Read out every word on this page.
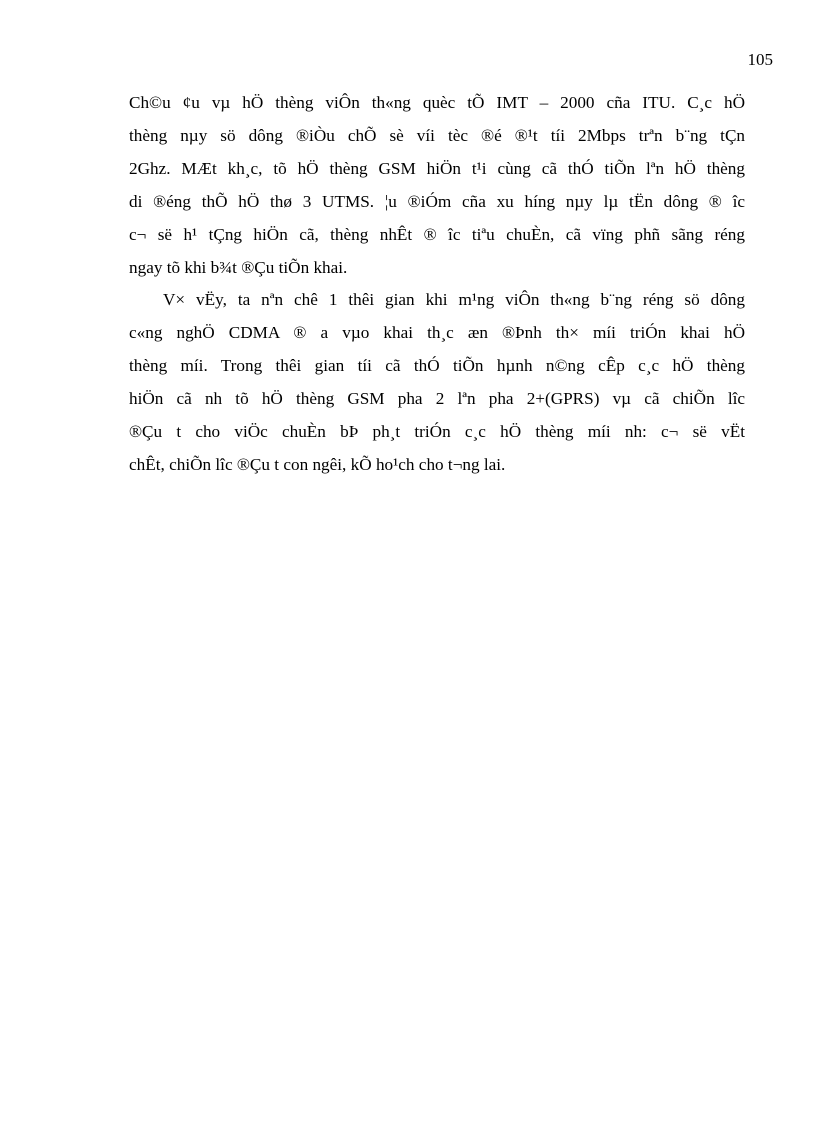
105

Ch©u ¢u vµ hÖ thèng viÔn th«ng quèc tÕ IMT – 2000 cña ITU. C¸c hÖ
thèng nµy sö dông ®iÒu chÕ sè víi tèc ®é ®¹t tíi 2Mbps trªn b¨ng tÇn
2Ghz. MÆt kh¸c, tõ hÖ thèng GSM hiÖn t¹i cùng cã thÓ tiÕn lªn hÖ thèng
di ®éng thÕ hÖ thø 3 UTMS. ¦u ®iÓm cña xu híng nµy lµ tËn dông ® îc
c¬ së h¹ tÇng hiÖn cã, thèng nhÊt ® îc tiªu chuÈn, cã vïng phñ sãng réng
ngay tõ khi b¾t ®Çu tiÕn khai.

V× vËy, ta nªn chê 1 thêi gian khi m¹ng viÔn th«ng b¨ng réng sö dông
c«ng nghÖ CDMA ® a vµo khai th¸c æn ®Þnh th× míi triÓn khai hÖ
thèng míi. Trong thêi gian tíi cã thÓ tiÕn hµnh n©ng cÊp c¸c hÖ thèng
hiÖn cã nh tõ hÖ thèng GSM pha 2 lªn pha 2+(GPRS) vµ cã chiÕn lîc
®Çu t cho viÖc chuÈn bÞ ph¸t triÓn c¸c hÖ thèng míi nh: c¬ së vËt
chÊt, chiÕn lîc ®Çu t con ngêi, kÕ ho¹ch cho t¬ng lai.
